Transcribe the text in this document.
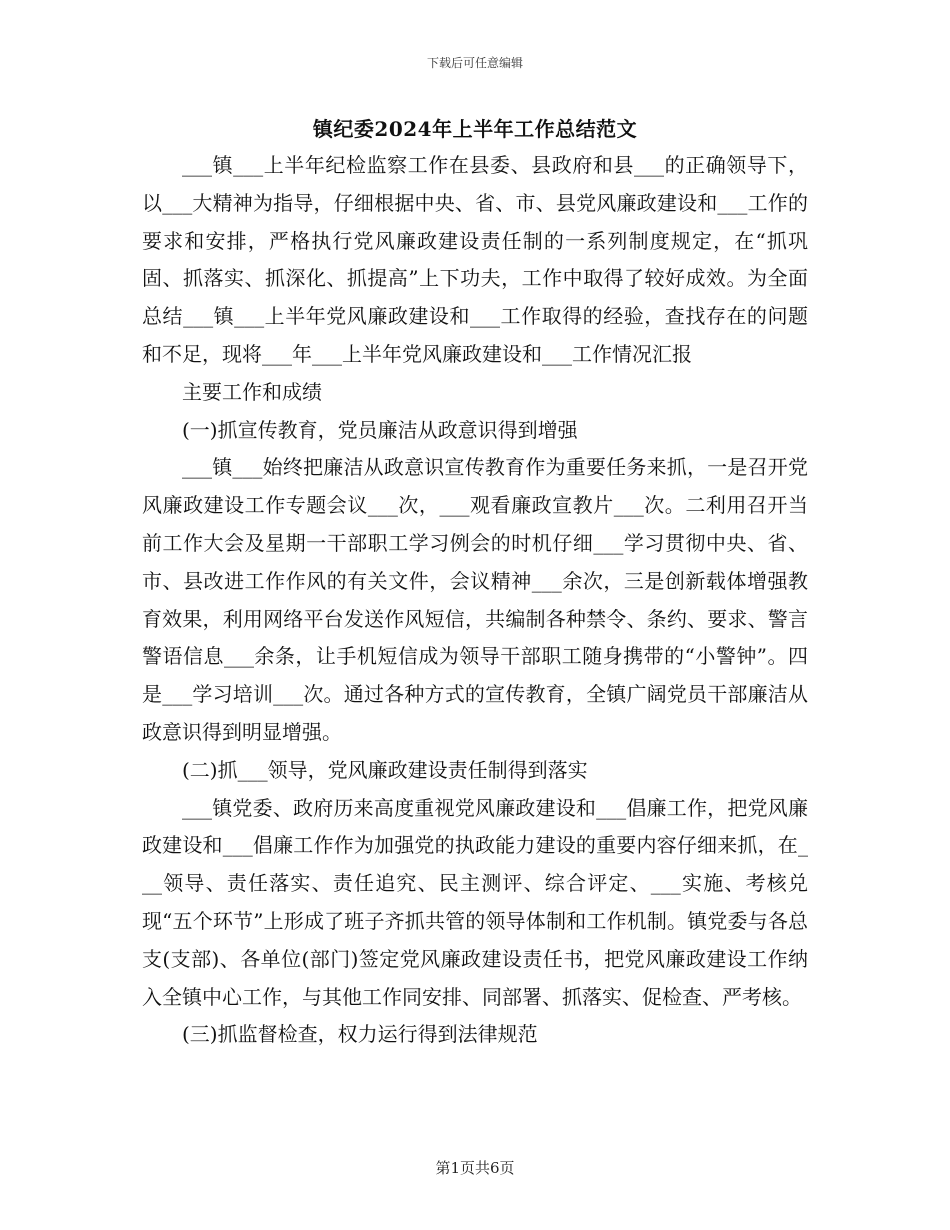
下载后可任意编辑
镇纪委2024年上半年工作总结范文

___镇___上半年纪检监察工作在县委、县政府和县___的正确领导下，以___大精神为指导，仔细根据中央、省、市、县党风廉政建设和___工作的要求和安排，严格执行党风廉政建设责任制的一系列制度规定，在“抓巩固、抓落实、抓深化、抓提高”上下功夫，工作中取得了较好成效。为全面总结___镇___上半年党风廉政建设和___工作取得的经验，查找存在的问题和不足，现将___年___上半年党风廉政建设和___工作情况汇报

主要工作和成绩

(一)抓宣传教育，党员廉洁从政意识得到增强

___镇___始终把廉洁从政意识宣传教育作为重要任务来抓，一是召开党风廉政建设工作专题会议___次，___观看廉政宣教片___次。二利用召开当前工作大会及星期一干部职工学习例会的时机仔细___学习贯彻中央、省、市、县改进工作作风的有关文件，会议精神___余次，三是创新载体增强教育效果，利用网络平台发送作风短信，共编制各种禁令、条约、要求、警言警语信息___余条，让手机短信成为领导干部职工随身携带的“小警钟”。四是___学习培训___次。通过各种方式的宣传教育，全镇广阔党员干部廉洁从政意识得到明显增强。

(二)抓___领导，党风廉政建设责任制得到落实

___镇党委、政府历来高度重视党风廉政建设和___倡廉工作，把党风廉政建设和___倡廉工作作为加强党的执政能力建设的重要内容仔细来抓，在___领导、责任落实、责任追究、民主测评、综合评定、___实施、考核兑现“五个环节”上形成了班子齐抓共管的领导体制和工作机制。镇党委与各总支(支部)、各单位(部门)签定党风廉政建设责任书，把党风廉政建设工作纳入全镇中心工作，与其他工作同安排、同部署、抓落实、促检查、严考核。

(三)抓监督检查，权力运行得到法律规范

第1页共6页
